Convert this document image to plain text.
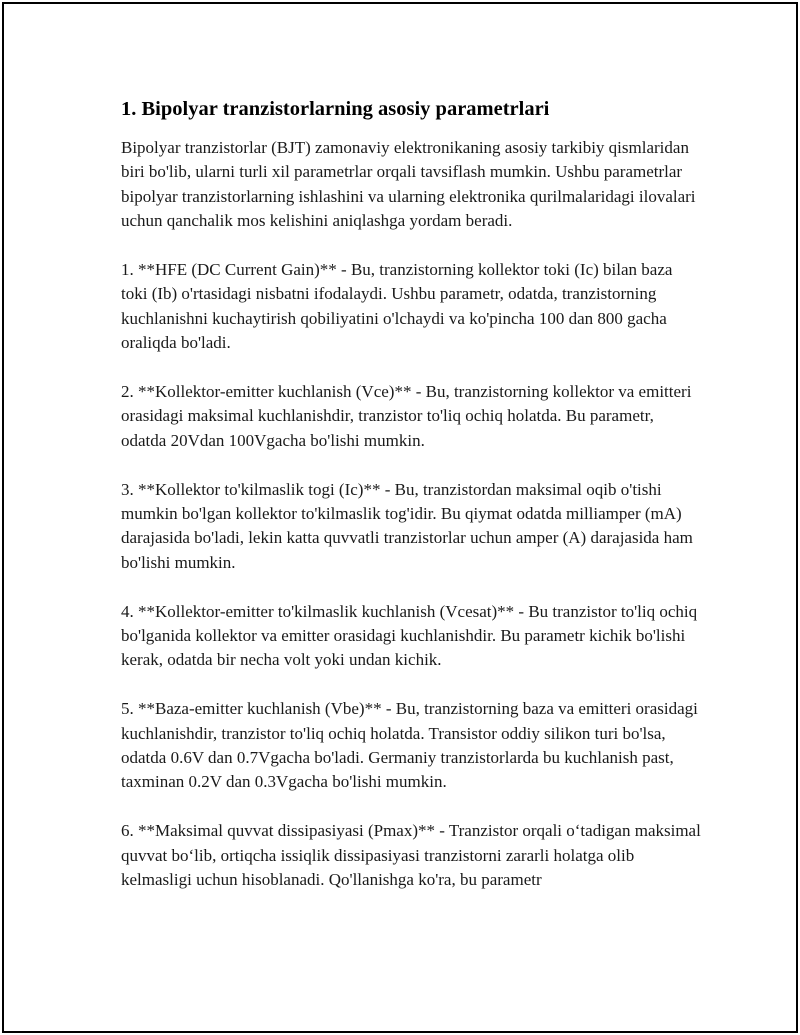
1. Bipolyar tranzistorlarning asosiy parametrlari

Bipolyar tranzistorlar (BJT) zamonaviy elektronikaning asosiy tarkibiy qismlaridan biri bo'lib, ularni turli xil parametrlar orqali tavsiflash mumkin. Ushbu parametrlar bipolyar tranzistorlarning ishlashini va ularning elektronika qurilmalaridagi ilovalari uchun qanchalik mos kelishini aniqlashga yordam beradi.

1. **HFE (DC Current Gain)** - Bu, tranzistorning kollektor toki (Ic) bilan baza toki (Ib) o'rtasidagi nisbatni ifodalaydi. Ushbu parametr, odatda, tranzistorning kuchlanishni kuchaytirish qobiliyatini o'lchaydi va ko'pincha 100 dan 800 gacha oraliqda bo'ladi.

2. **Kollektor-emitter kuchlanish (Vce)** - Bu, tranzistorning kollektor va emitteri orasidagi maksimal kuchlanishdir, tranzistor to'liq ochiq holatda. Bu parametr, odatda 20Vdan 100Vgacha bo'lishi mumkin.

3. **Kollektor to'kilmaslik togi (Ic)** - Bu, tranzistordan maksimal oqib o'tishi mumkin bo'lgan kollektor to'kilmaslik tog'idir. Bu qiymat odatda milliamper (mA) darajasida bo'ladi, lekin katta quvvatli tranzistorlar uchun amper (A) darajasida ham bo'lishi mumkin.

4. **Kollektor-emitter to'kilmaslik kuchlanish (Vcesat)** - Bu tranzistor to'liq ochiq bo'lganida kollektor va emitter orasidagi kuchlanishdir. Bu parametr kichik bo'lishi kerak, odatda bir necha volt yoki undan kichik.

5. **Baza-emitter kuchlanish (Vbe)** - Bu, tranzistorning baza va emitteri orasidagi kuchlanishdir, tranzistor to'liq ochiq holatda. Transistor oddiy silikon turi bo'lsa, odatda 0.6V dan 0.7Vgacha bo'ladi. Germaniy tranzistorlarda bu kuchlanish past, taxminan 0.2V dan 0.3Vgacha bo'lishi mumkin.

6. **Maksimal quvvat dissipasiyasi (Pmax)** - Tranzistor orqali o‘tadigan maksimal quvvat bo‘lib, ortiqcha issiqlik dissipasiyasi tranzistorni zararli holatga olib kelmasligi uchun hisoblanadi. Qo'llanishga ko'ra, bu parametr
